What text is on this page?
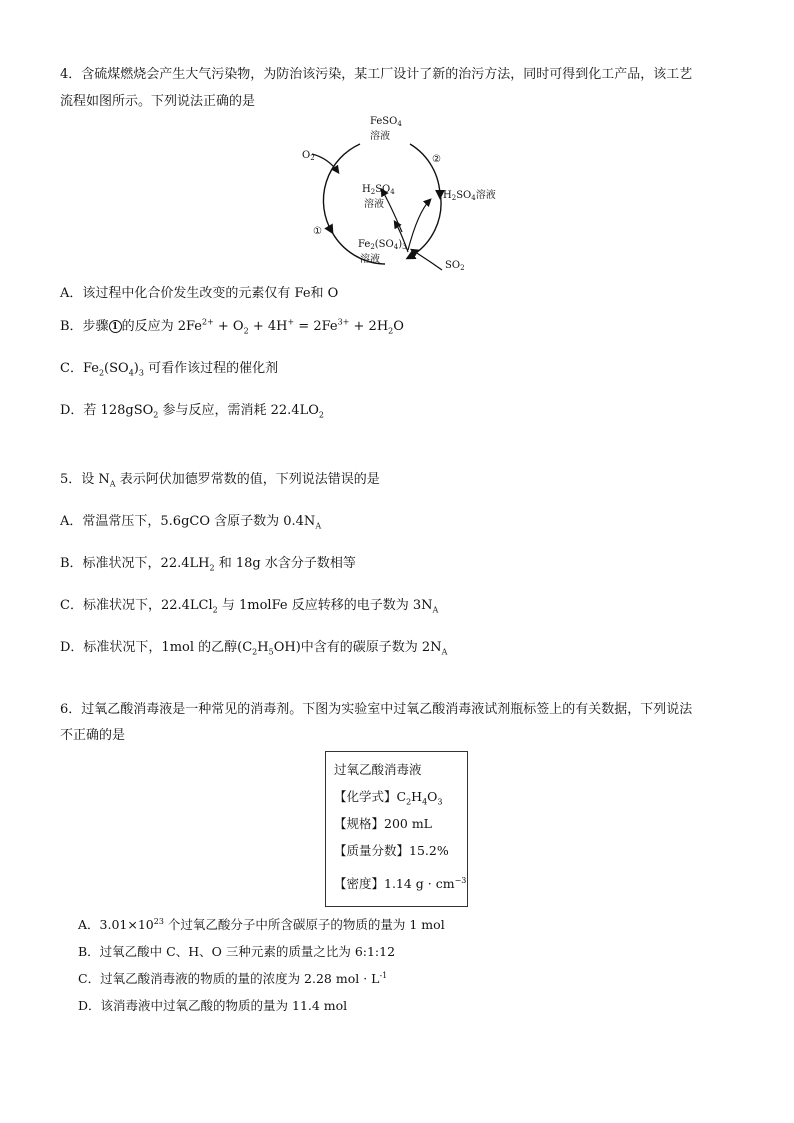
4．含硫煤燃烧会产生大气污染物，为防治该污染，某工厂设计了新的治污方法，同时可得到化工产品，该工艺
流程如图所示。下列说法正确的是
FeSO$_4$
溶液
$O_2$	②
①
$H_2SO_4$
溶液
$H_2SO_4$溶液
$Fe_2(SO_4)_3$
溶液
$SO_2$
A．该过程中化合价发生改变的元素仅有 Fe和 O
B．步骤 1 的反应为 $2Fe^{2+} + O_2 + 4H^+ = 2Fe^{3+} + 2H_2O$
C．$Fe_2(SO_4)_3$ 可看作该过程的催化剂
D．若 128gSO$_2$ 参与反应，需消耗 $22.4LO_2$
5．设 $N_A$ 表示阿伏加德罗常数的值，下列说法错误的是
A．常温常压下，5.6gCO 含原子数为 $0.4N_A$
B．标准状况下，$22.4LH_2$ 和 18g 水含分子数相等
C．标准状况下，22.4LCl$_2$ 与 1molFe 反应转移的电子数为 $3N_A$
D．标准状况下，1mol 的乙醇$(C_2H_5OH)$中含有的碳原子数为 $2N_A$
6．过氧乙酸消毒液是一种常见的消毒剂。下图为实验室中过氧乙酸消毒液试剂瓶标签上的有关数据，下列说法
不正确的是
过氧乙酸消毒液
【化学式】$C_2H_4O_3$
【规格】200 mL
【质量分数】15.2%
【密度】1.14 $g \cdot cm^{-3}$
A．$3.01\times 10^{23}$ 个过氧乙酸分子中所含碳原子的物质的量为 1 mol
B．过氧乙酸中 C、H、O 三种元素的质量之比为 6:1:12
C．过氧乙酸消毒液的物质的量的浓度为 2.28 mol · $L^{-1}$
D．该消毒液中过氧乙酸的物质的量为 11.4 mol
